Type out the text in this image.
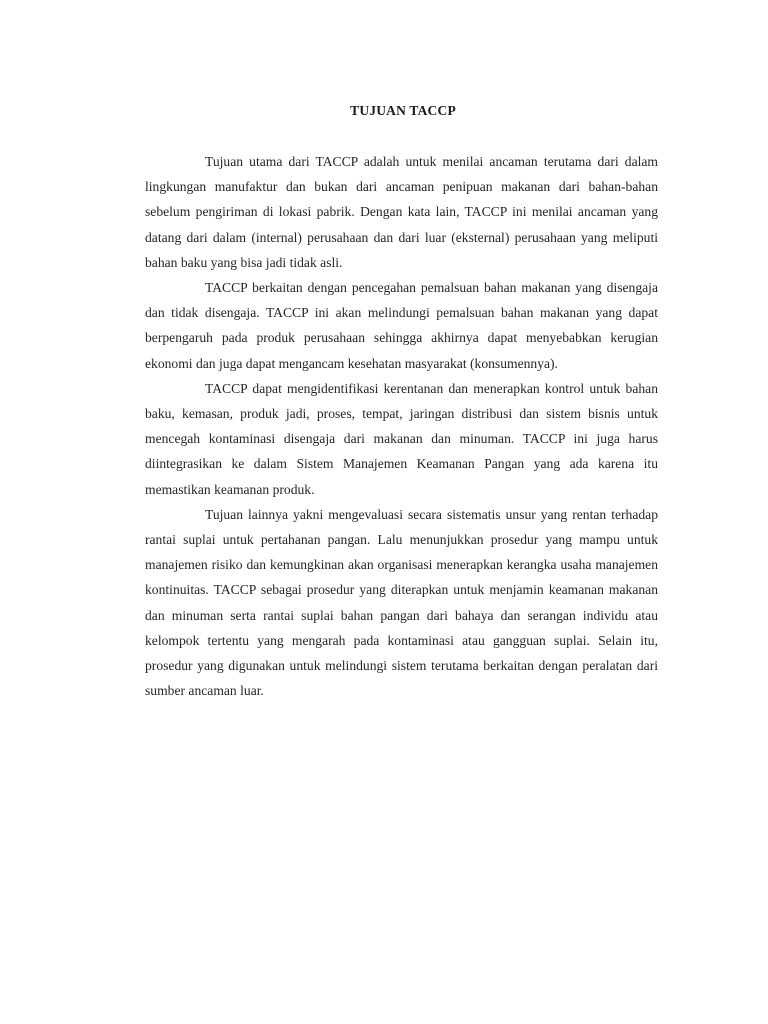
TUJUAN TACCP

Tujuan utama dari TACCP adalah untuk menilai ancaman terutama dari dalam lingkungan manufaktur dan bukan dari ancaman penipuan makanan dari bahan-bahan sebelum pengiriman di lokasi pabrik. Dengan kata lain, TACCP ini menilai ancaman yang datang dari dalam (internal) perusahaan dan dari luar (eksternal) perusahaan yang meliputi bahan baku yang bisa jadi tidak asli.

TACCP berkaitan dengan pencegahan pemalsuan bahan makanan yang disengaja dan tidak disengaja. TACCP ini akan melindungi pemalsuan bahan makanan yang dapat berpengaruh pada produk perusahaan sehingga akhirnya dapat menyebabkan kerugian ekonomi dan juga dapat mengancam kesehatan masyarakat (konsumennya).

TACCP dapat mengidentifikasi kerentanan dan menerapkan kontrol untuk bahan baku, kemasan, produk jadi, proses, tempat, jaringan distribusi dan sistem bisnis untuk mencegah kontaminasi disengaja dari makanan dan minuman. TACCP ini juga harus diintegrasikan ke dalam Sistem Manajemen Keamanan Pangan yang ada karena itu memastikan keamanan produk.

Tujuan lainnya yakni mengevaluasi secara sistematis unsur yang rentan terhadap rantai suplai untuk pertahanan pangan. Lalu menunjukkan prosedur yang mampu untuk manajemen risiko dan kemungkinan akan organisasi menerapkan kerangka usaha manajemen kontinuitas. TACCP sebagai prosedur yang diterapkan untuk menjamin keamanan makanan dan minuman serta rantai suplai bahan pangan dari bahaya dan serangan individu atau kelompok tertentu yang mengarah pada kontaminasi atau gangguan suplai. Selain itu, prosedur yang digunakan untuk melindungi sistem terutama berkaitan dengan peralatan dari sumber ancaman luar.
